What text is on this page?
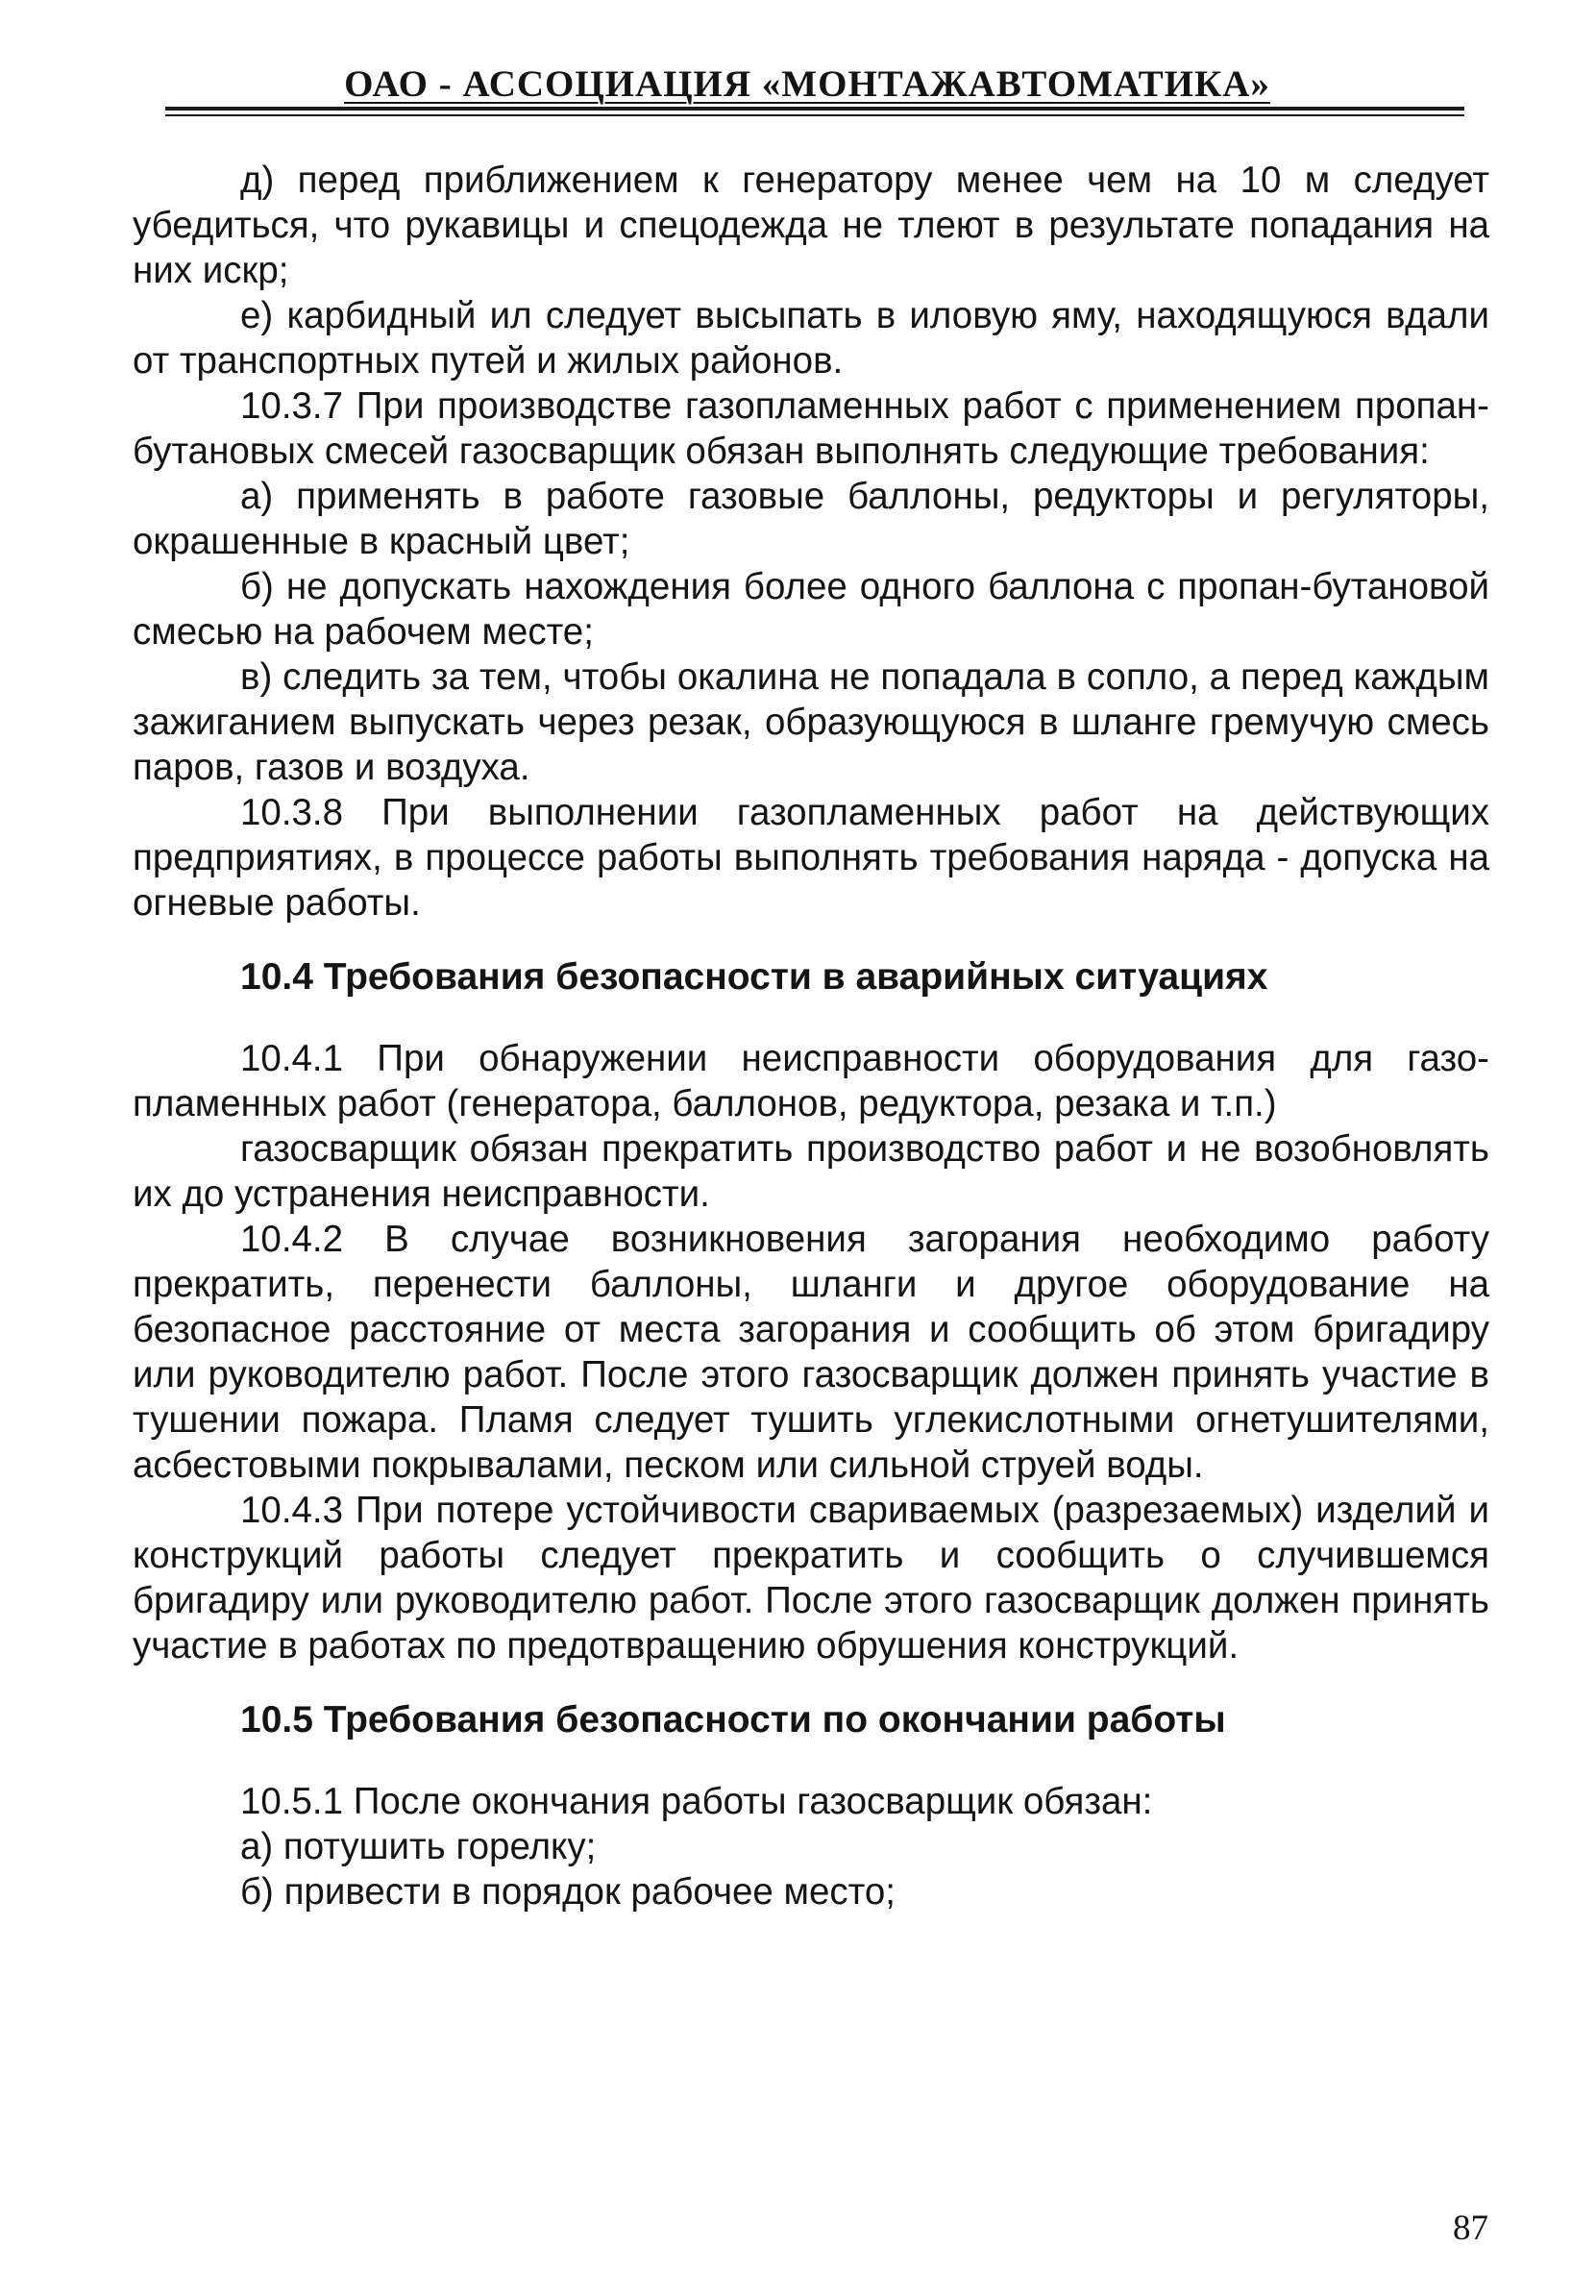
ОАО - АССОЦИАЦИЯ «МОНТАЖАВТОМАТИКА»

д) перед приближением к генератору менее чем на 10 м следует убедиться, что рукавицы и спецодежда не тлеют в результате попадания на них искр;

е) карбидный ил следует высыпать в иловую яму, находящуюся вдали от транспортных путей и жилых районов.

10.3.7 При производстве газопламенных работ с применением пропан-бутановых смесей газосварщик обязан выполнять следующие требования:

а) применять в работе газовые баллоны, редукторы и регуляторы, окрашенные в красный цвет;

б) не допускать нахождения более одного баллона с пропан-бутановой смесью на рабочем месте;

в) следить за тем, чтобы окалина не попадала в сопло, а перед каждым зажиганием выпускать через резак, образующуюся в шланге гремучую смесь паров, газов и воздуха.

10.3.8 При выполнении газопламенных работ на действующих предприятиях, в процессе работы выполнять требования наряда - допуска на огневые работы.

10.4 Требования безопасности в аварийных ситуациях

10.4.1 При обнаружении неисправности оборудования для газопламенных работ (генератора, баллонов, редуктора, резака и т.п.)

газосварщик обязан прекратить производство работ и не возобновлять их до устранения неисправности.

10.4.2 В случае возникновения загорания необходимо работу прекратить, перенести баллоны, шланги и другое оборудование на безопасное расстояние от места загорания и сообщить об этом бригадиру или руководителю работ. После этого газосварщик должен принять участие в тушении пожара. Пламя следует тушить углекислотными огнетушителями, асбестовыми покрывалами, песком или сильной струей воды.

10.4.3 При потере устойчивости свариваемых (разрезаемых) изделий и конструкций работы следует прекратить и сообщить о случившемся бригадиру или руководителю работ. После этого газосварщик должен принять участие в работах по предотвращению обрушения конструкций.

10.5 Требования безопасности по окончании работы

10.5.1 После окончания работы газосварщик обязан:

а) потушить горелку;

б) привести в порядок рабочее место;

87
